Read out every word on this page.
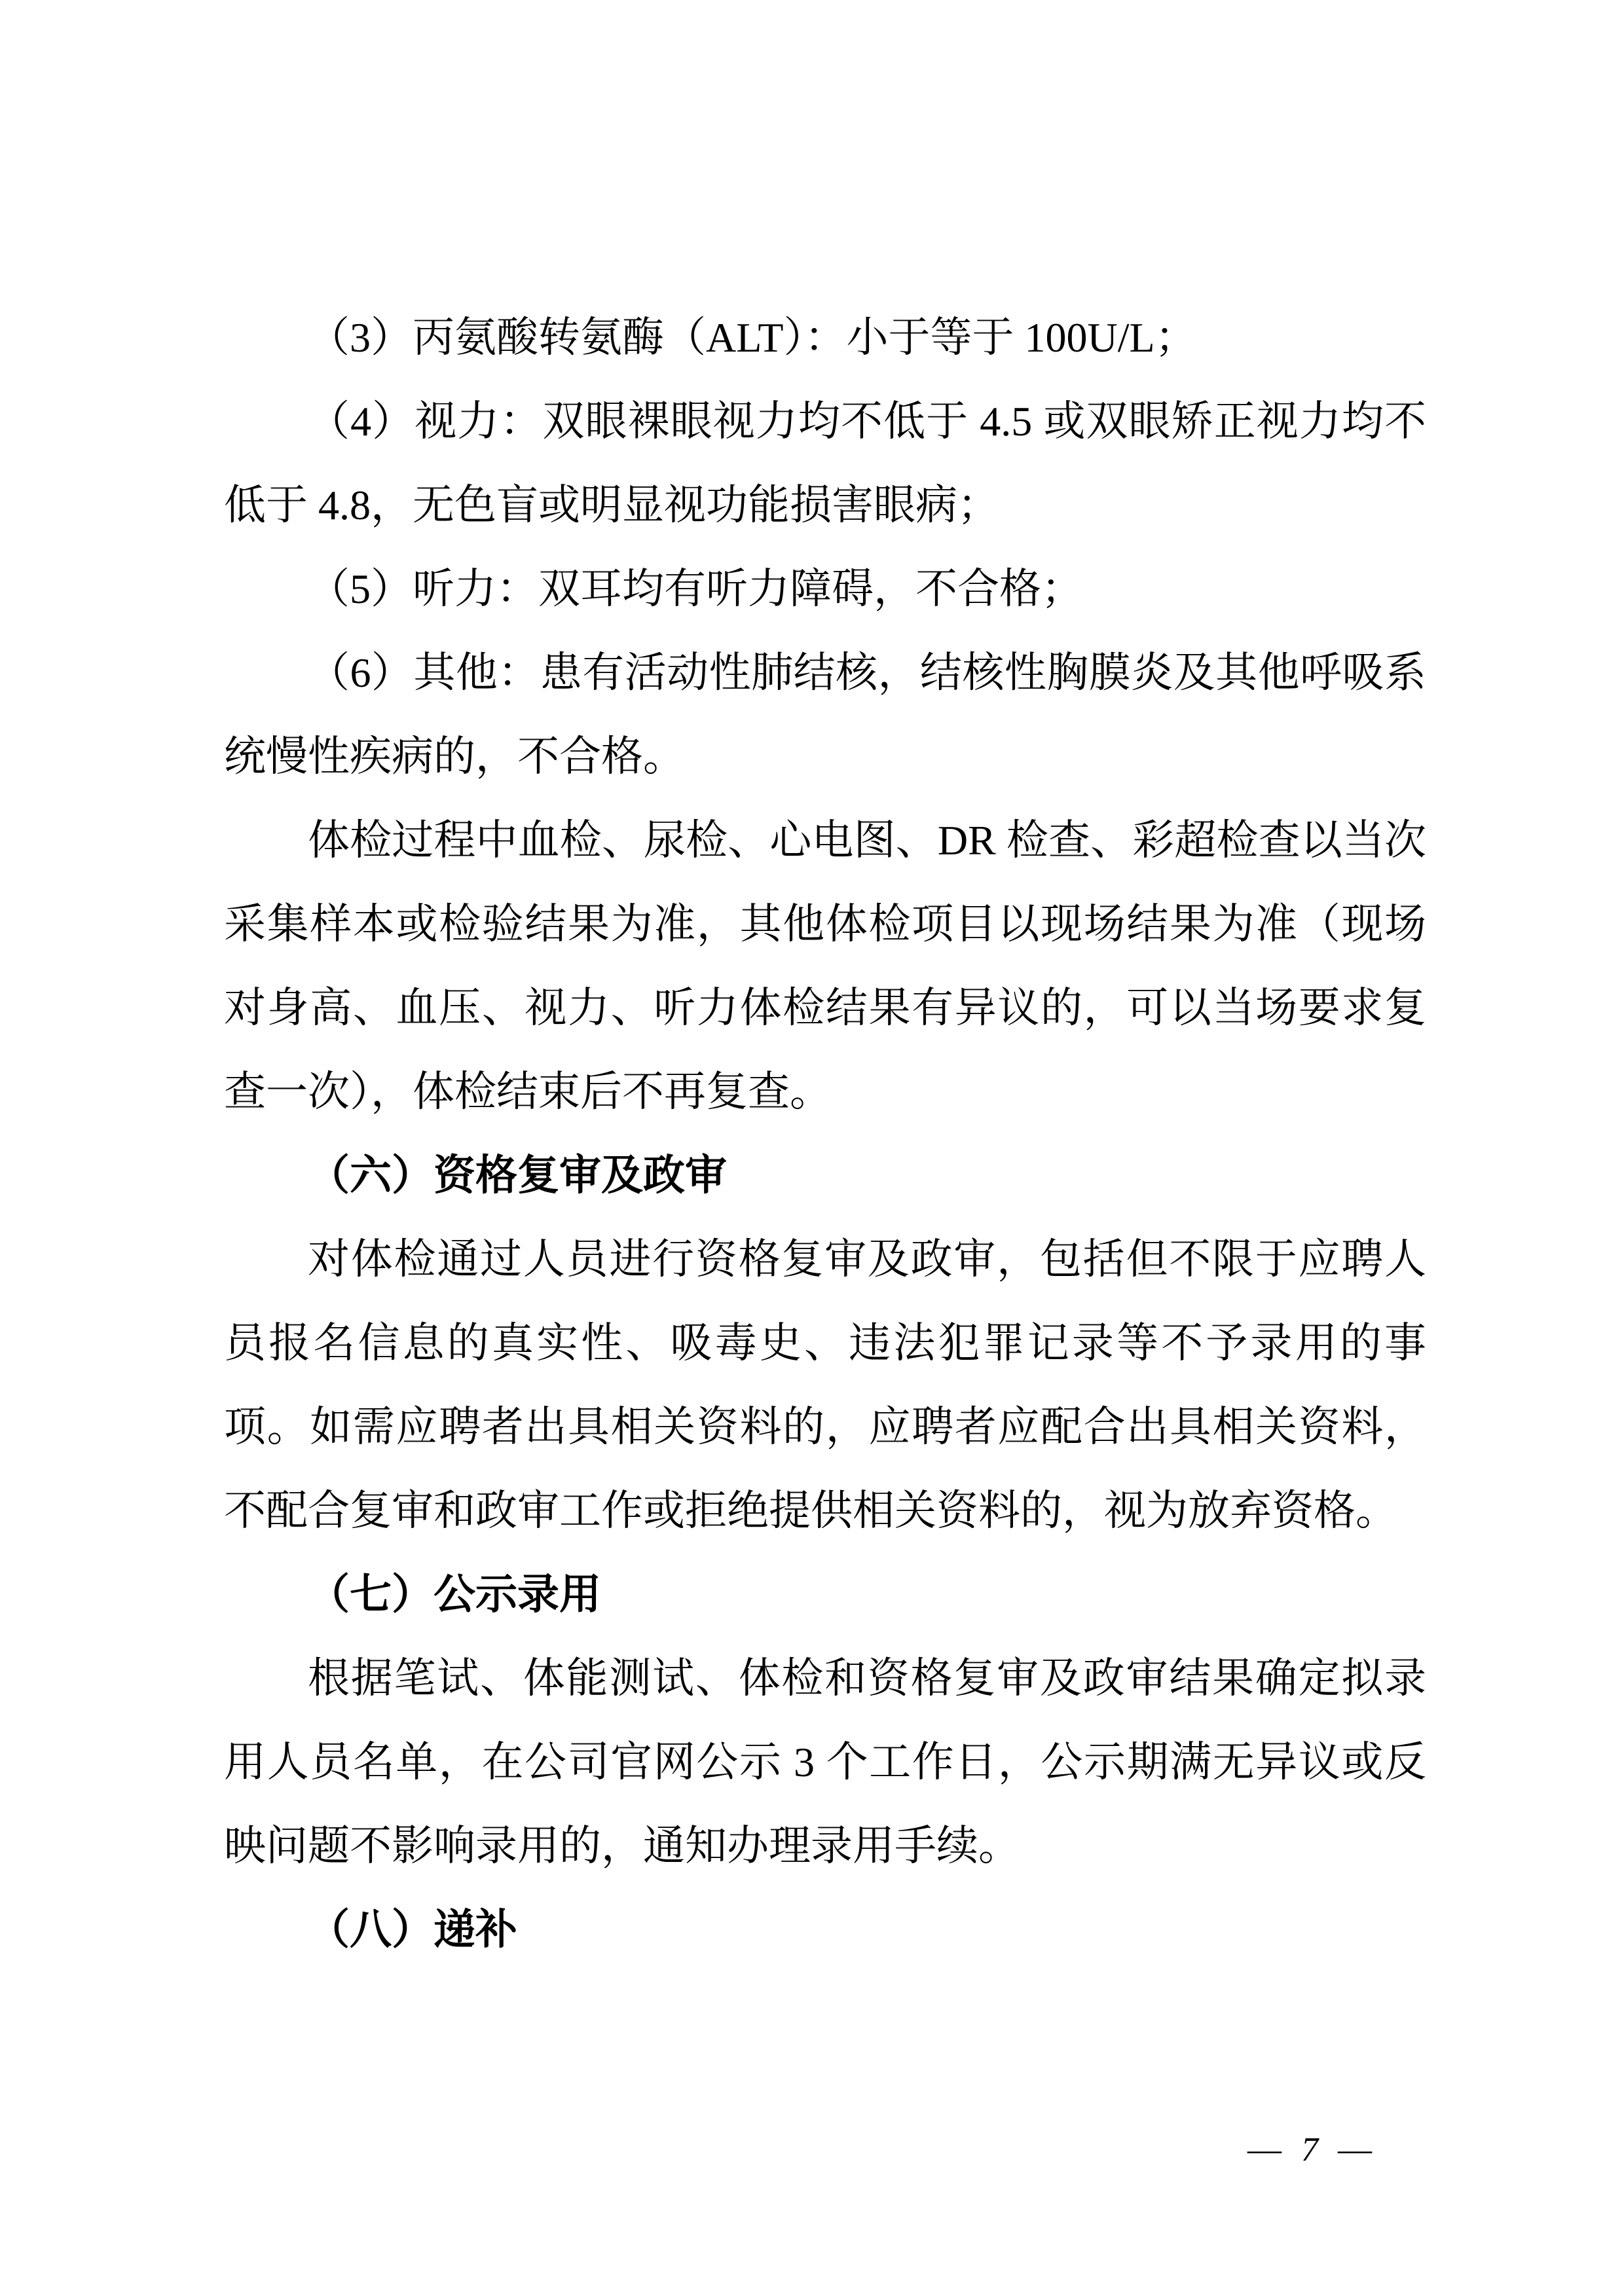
（3）丙氨酸转氨酶（ALT）：小于等于 100U/L；

（4）视力：双眼裸眼视力均不低于 4.5 或双眼矫正视力均不低于 4.8，无色盲或明显视功能损害眼病；

（5）听力：双耳均有听力障碍，不合格；

（6）其他：患有活动性肺结核，结核性胸膜炎及其他呼吸系统慢性疾病的，不合格。

体检过程中血检、尿检、心电图、DR 检查、彩超检查以当次采集样本或检验结果为准，其他体检项目以现场结果为准（现场对身高、血压、视力、听力体检结果有异议的，可以当场要求复查一次），体检结束后不再复查。

（六）资格复审及政审

对体检通过人员进行资格复审及政审，包括但不限于应聘人员报名信息的真实性、吸毒史、违法犯罪记录等不予录用的事项。如需应聘者出具相关资料的，应聘者应配合出具相关资料，不配合复审和政审工作或拒绝提供相关资料的，视为放弃资格。

（七）公示录用

根据笔试、体能测试、体检和资格复审及政审结果确定拟录用人员名单，在公司官网公示 3 个工作日，公示期满无异议或反映问题不影响录用的，通知办理录用手续。

（八）递补

— 7 —
